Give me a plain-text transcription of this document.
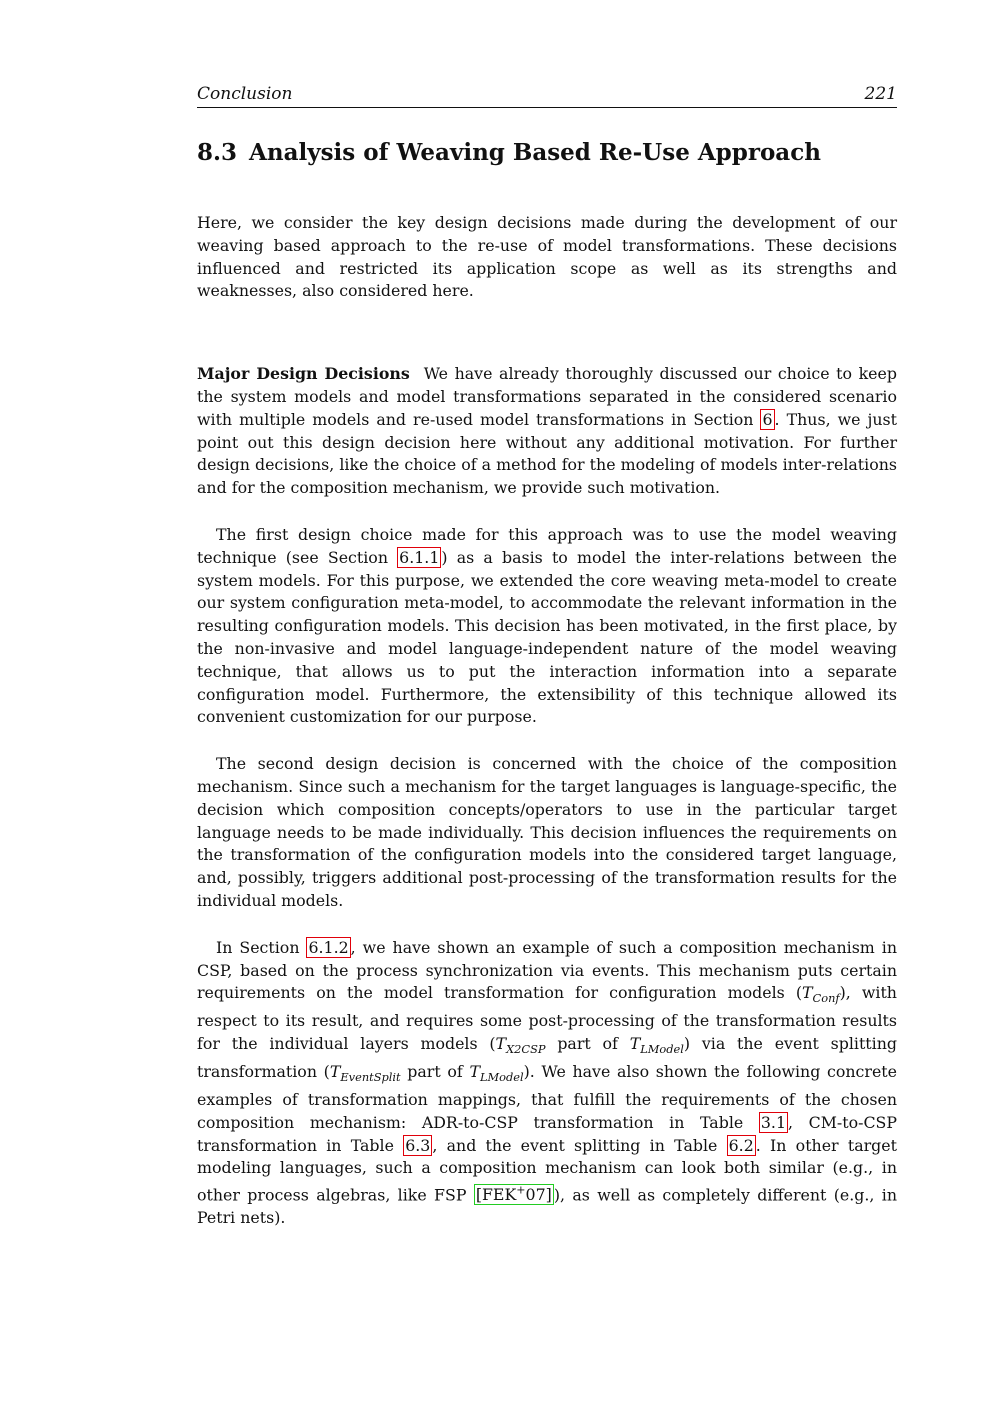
Conclusion	221
8.3 Analysis of Weaving Based Re-Use Approach

Here, we consider the key design decisions made during the development of our weaving based approach to the re-use of model transformations. These decisions influenced and restricted its application scope as well as its strengths and weaknesses, also considered here.

Major Design Decisions We have already thoroughly discussed our choice to keep the system models and model transformations separated in the considered scenario with multiple models and re-used model transformations in Section 6 . Thus, we just point out this design decision here without any additional motivation. For further design decisions, like the choice of a method for the modeling of models inter-relations and for the composition mechanism, we provide such motivation.

The first design choice made for this approach was to use the model weaving technique (see Section 6.1.1 ) as a basis to model the inter-relations between the system models. For this purpose, we extended the core weaving meta-model to create our system configuration meta-model, to accommodate the relevant information in the resulting configuration models. This decision has been motivated, in the first place, by the non-invasive and model language-independent nature of the model weaving technique, that allows us to put the interaction information into a separate configuration model. Furthermore, the extensibility of this technique allowed its convenient customization for our purpose.

The second design decision is concerned with the choice of the composition mechanism. Since such a mechanism for the target languages is language-specific, the decision which composition concepts/operators to use in the particular target language needs to be made individually. This decision influences the requirements on the transformation of the configuration models into the considered target language, and, possibly, triggers additional post-processing of the transformation results for the individual models.

In Section 6.1.2 , we have shown an example of such a composition mechanism in CSP, based on the process synchronization via events. This mechanism puts certain requirements on the model transformation for configuration models $(T_{Conf})$, with respect to its result, and requires some post-processing of the transformation results for the individual layers models ($T_{X2CSP}$ part of $T_{LModel}$) via the event splitting transformation ($T_{EventSplit}$ part of $T_{LModel}$). We have also shown the following concrete examples of transformation mappings, that fulfill the requirements of the chosen composition mechanism: ADR-to-CSP transformation in Table 3.1 , CM-to-CSP transformation in Table 6.3 , and the event splitting in Table 6.2 . In other target modeling languages, such a composition mechanism can look both similar (e.g., in other process algebras, like FSP [FEK+07] ), as well as completely different (e.g., in Petri nets).
